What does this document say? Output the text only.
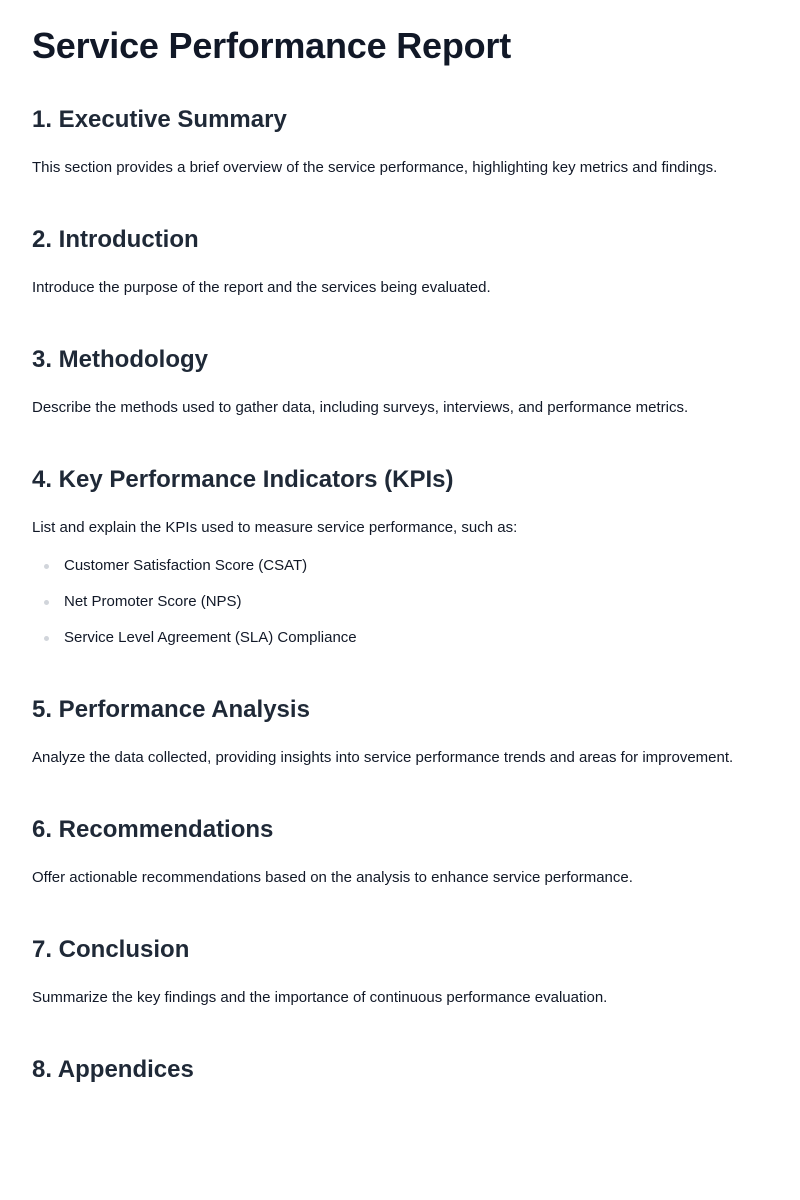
Service Performance Report
1. Executive Summary

This section provides a brief overview of the service performance, highlighting key metrics and findings.

2. Introduction

Introduce the purpose of the report and the services being evaluated.

3. Methodology

Describe the methods used to gather data, including surveys, interviews, and performance metrics.

4. Key Performance Indicators (KPIs)

List and explain the KPIs used to measure service performance, such as:

Customer Satisfaction Score (CSAT)
Net Promoter Score (NPS)
Service Level Agreement (SLA) Compliance
5. Performance Analysis

Analyze the data collected, providing insights into service performance trends and areas for improvement.

6. Recommendations

Offer actionable recommendations based on the analysis to enhance service performance.

7. Conclusion

Summarize the key findings and the importance of continuous performance evaluation.

8. Appendices
